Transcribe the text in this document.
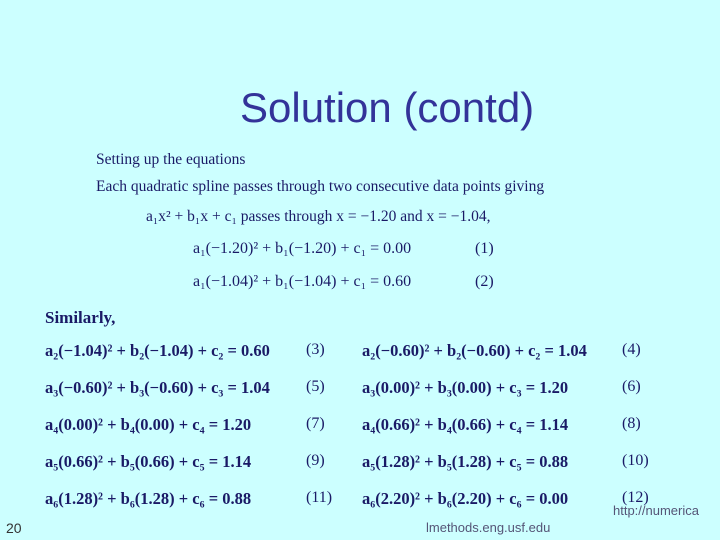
Solution (contd)
Setting up the equations
Each quadratic spline passes through two consecutive data points giving
a₁x² + b₁x + c₁ passes through x = −1.20 and x = −1.04,
a₁(−1.20)² + b₁(−1.20) + c₁ = 0.00	(1)
a₁(−1.04)² + b₁(−1.04) + c₁ = 0.60	(2)
Similarly,
a₂(−1.04)² + b₂(−1.04) + c₂ = 0.60 (3) a₂(−0.60)² + b₂(−0.60) + c₂ = 1.04 (4)
a₃(−0.60)² + b₃(−0.60) + c₃ = 1.04 (5) a₃(0.00)² + b₃(0.00) + c₃ = 1.20	(6)
a₄(0.00)² + b₄(0.00) + c₄ = 1.20	(7) a₄(0.66)² + b₄(0.66) + c₄ = 1.14	(8)
a₅(0.66)² + b₅(0.66) + c₅ = 1.14	(9) a₅(1.28)² + b₅(1.28) + c₅ = 0.88	(10)
a₆(1.28)² + b₆(1.28) + c₆ = 0.88	(11) a₆(2.20)² + b₆(2.20) + c₆ = 0.00	(12)
20
http://numerica
lmethods.eng.usf.edu
